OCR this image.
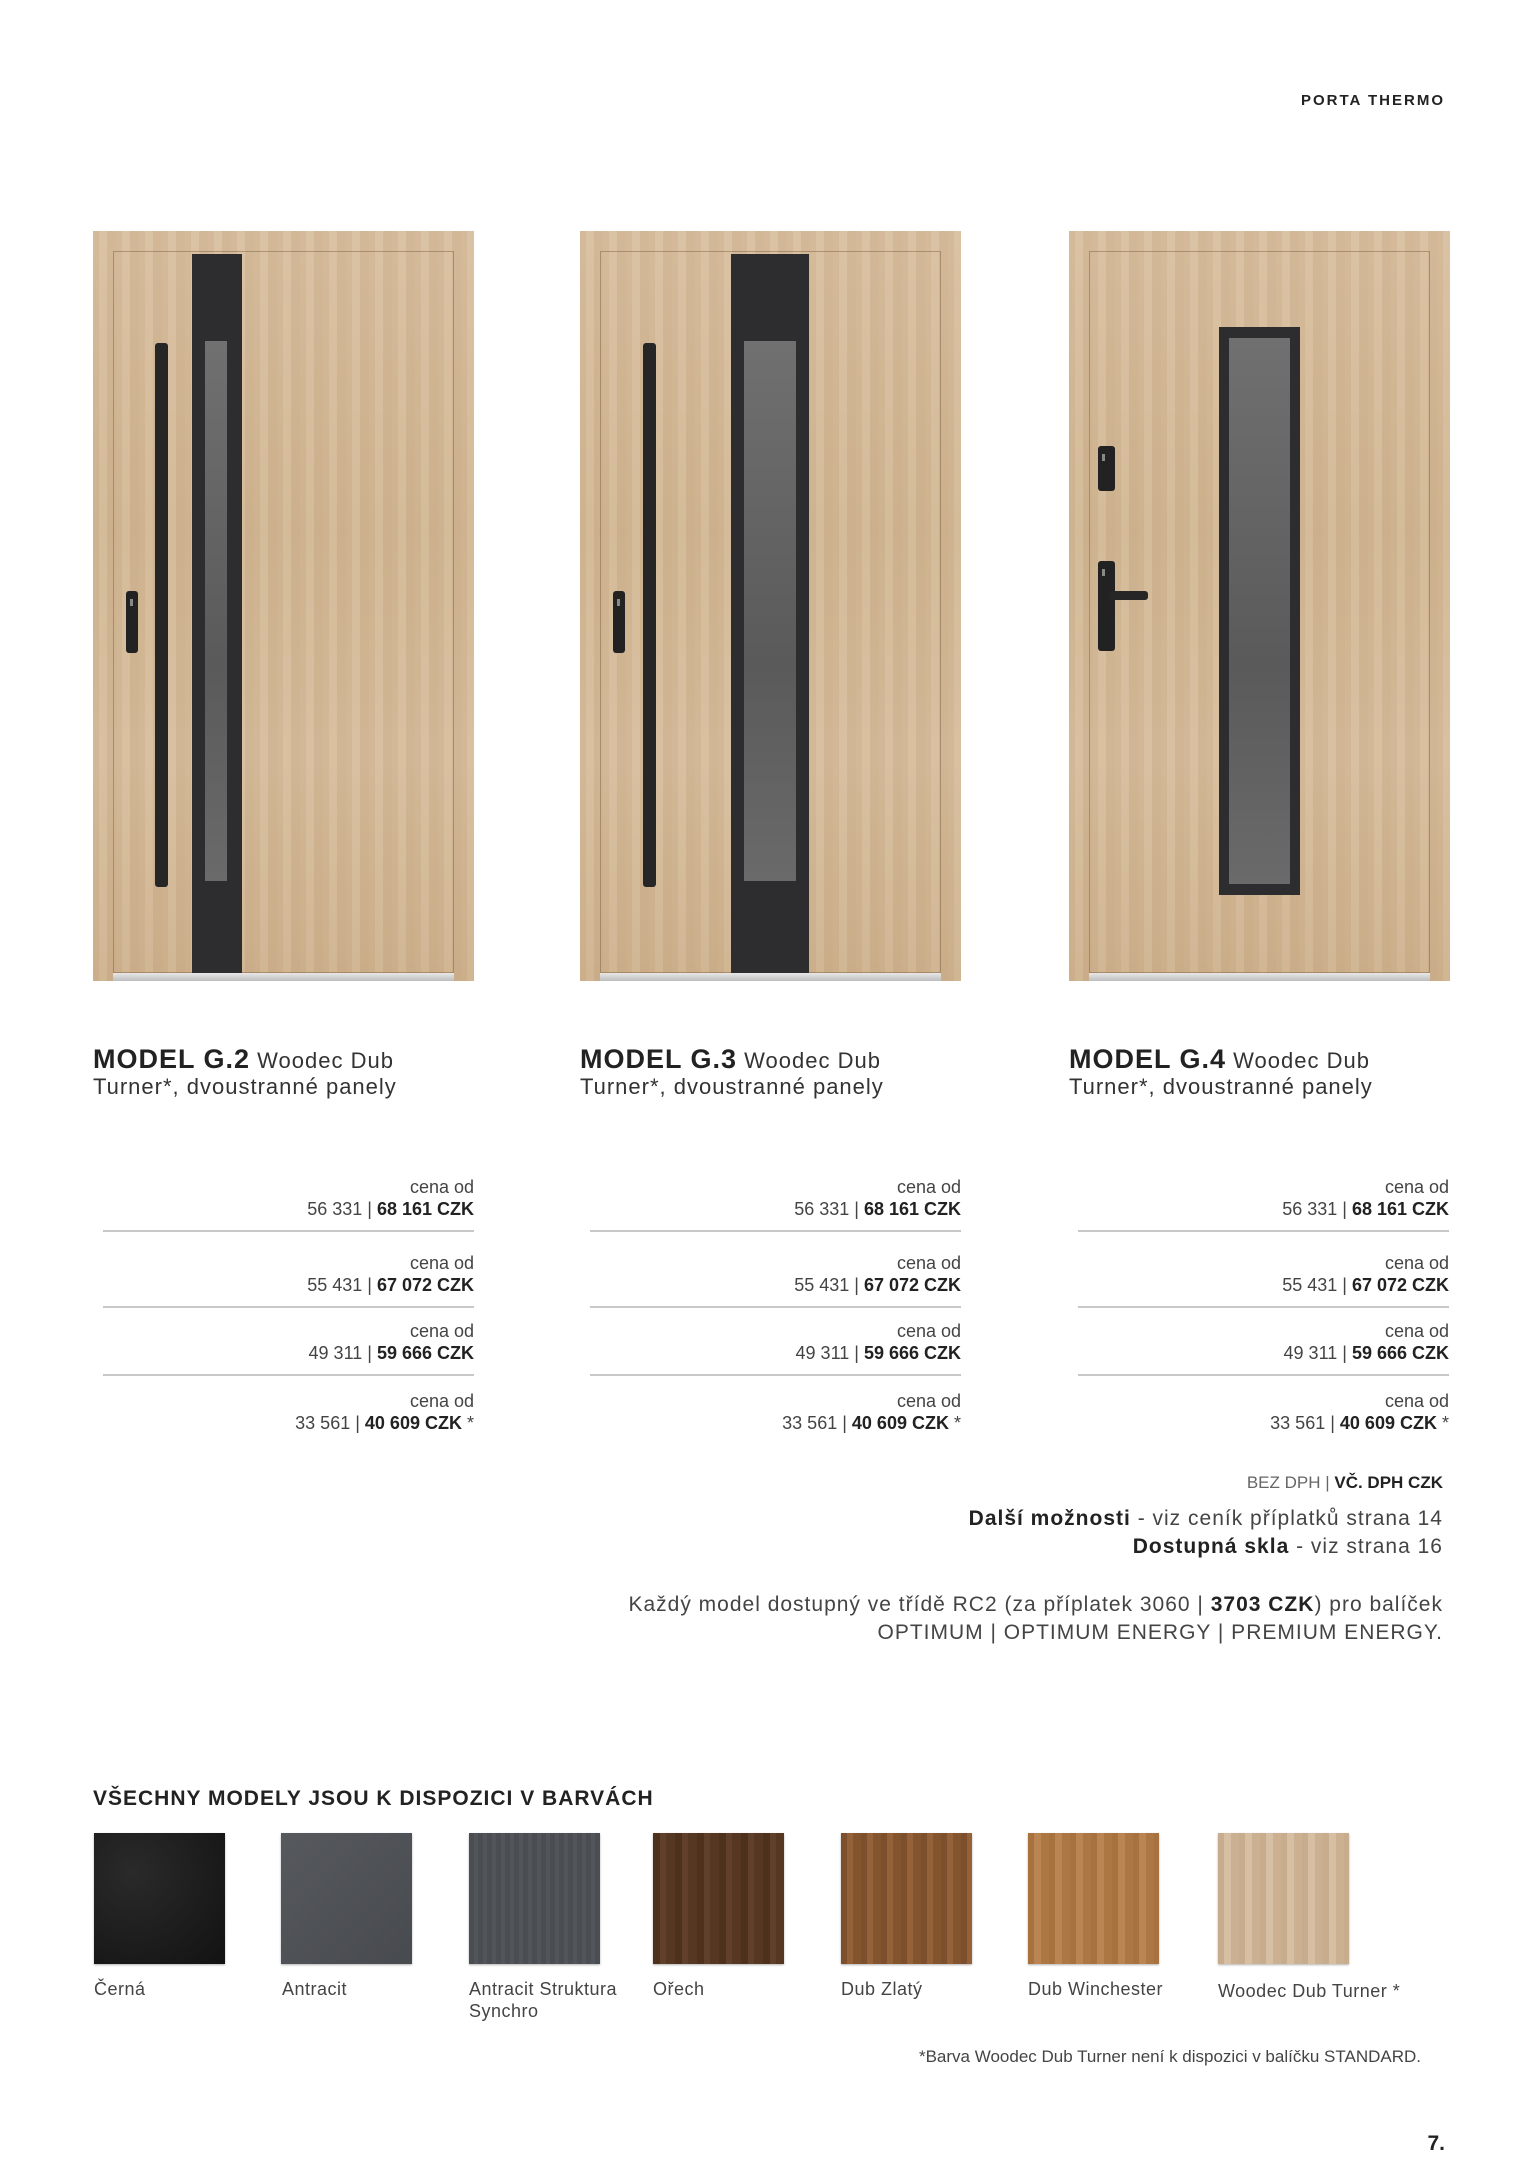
PORTA THERMO
MODEL G.2 Woodec Dub
Turner*, dvoustranné panely
MODEL G.3 Woodec Dub
Turner*, dvoustranné panely
MODEL G.4 Woodec Dub
Turner*, dvoustranné panely
cena od
56 331 | 68 161 CZK
cena od
55 431 | 67 072 CZK
cena od
49 311 | 59 666 CZK
cena od
33 561 | 40 609 CZK *
cena od
56 331 | 68 161 CZK
cena od
55 431 | 67 072 CZK
cena od
49 311 | 59 666 CZK
cena od
33 561 | 40 609 CZK *
cena od
56 331 | 68 161 CZK
cena od
55 431 | 67 072 CZK
cena od
49 311 | 59 666 CZK
cena od
33 561 | 40 609 CZK *
BEZ DPH | VČ. DPH CZK
Další možnosti - viz ceník příplatků strana 14
Dostupná skla - viz strana 16
Každý model dostupný ve třídě RC2 (za příplatek 3060 | 3703 CZK) pro balíček
OPTIMUM | OPTIMUM ENERGY | PREMIUM ENERGY.
VŠECHNY MODELY JSOU K DISPOZICI V BARVÁCH
Černá	Antracit	Antracit Struktura Synchro
Ořech	Dub Zlatý	Dub Winchester	Woodec Dub Turner *
*Barva Woodec Dub Turner není k dispozici v balíčku STANDARD.
7.
